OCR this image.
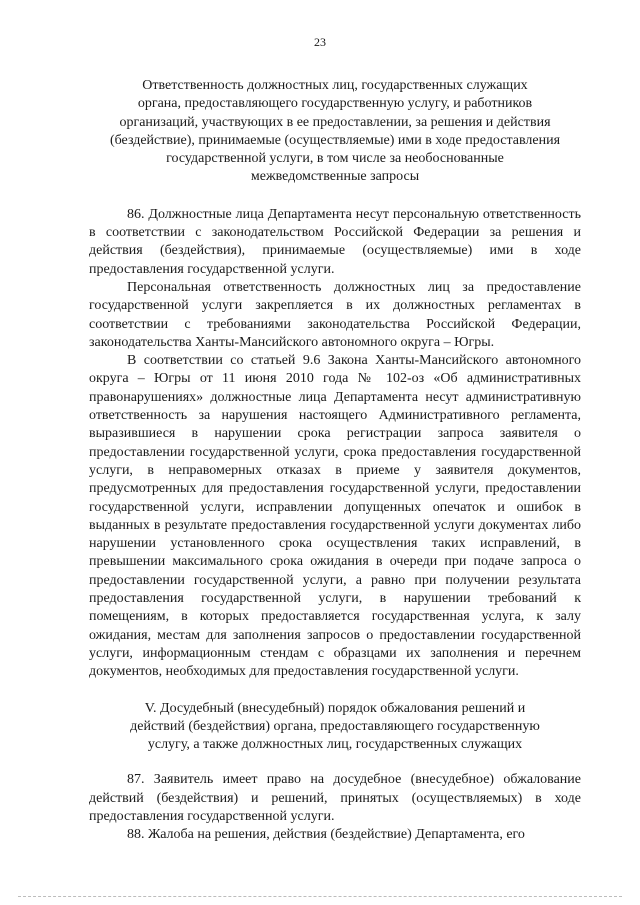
23

Ответственность должностных лиц, государственных служащих

органа, предоставляющего государственную услугу, и работников

организаций, участвующих в ее предоставлении, за решения и действия

(бездействие), принимаемые (осуществляемые) ими в ходе предоставления

государственной услуги, в том числе за необоснованные

межведомственные запросы

86. Должностные лица Департамента несут персональную ответственность в соответствии с законодательством Российской Федерации за решения и действия (бездействия), принимаемые (осуществляемые) ими в ходе предоставления государственной услуги.

Персональная ответственность должностных лиц за предоставление государственной услуги закрепляется в их должностных регламентах в соответствии с требованиями законодательства Российской Федерации, законодательства Ханты-Мансийского автономного округа – Югры.

В соответствии со статьей 9.6 Закона Ханты-Мансийского автономного округа – Югры от 11 июня 2010 года № 102-оз «Об административных правонарушениях» должностные лица Департамента несут административную ответственность за нарушения настоящего Административного регламента, выразившиеся в нарушении срока регистрации запроса заявителя о предоставлении государственной услуги, срока предоставления государственной услуги, в неправомерных отказах в приеме у заявителя документов, предусмотренных для предоставления государственной услуги, предоставлении государственной услуги, исправлении допущенных опечаток и ошибок в выданных в результате предоставления государственной услуги документах либо нарушении установленного срока осуществления таких исправлений, в превышении максимального срока ожидания в очереди при подаче запроса о предоставлении государственной услуги, а равно при получении результата предоставления государственной услуги, в нарушении требований к помещениям, в которых предоставляется государственная услуга, к залу ожидания, местам для заполнения запросов о предоставлении государственной услуги, информационным стендам с образцами их заполнения и перечнем документов, необходимых для предоставления государственной услуги.

V. Досудебный (внесудебный) порядок обжалования решений и

действий (бездействия) органа, предоставляющего государственную

услугу, а также должностных лиц, государственных служащих

87. Заявитель имеет право на досудебное (внесудебное) обжалование действий (бездействия) и решений, принятых (осуществляемых) в ходе предоставления государственной услуги.

88. Жалоба на решения, действия (бездействие) Департамента, его
